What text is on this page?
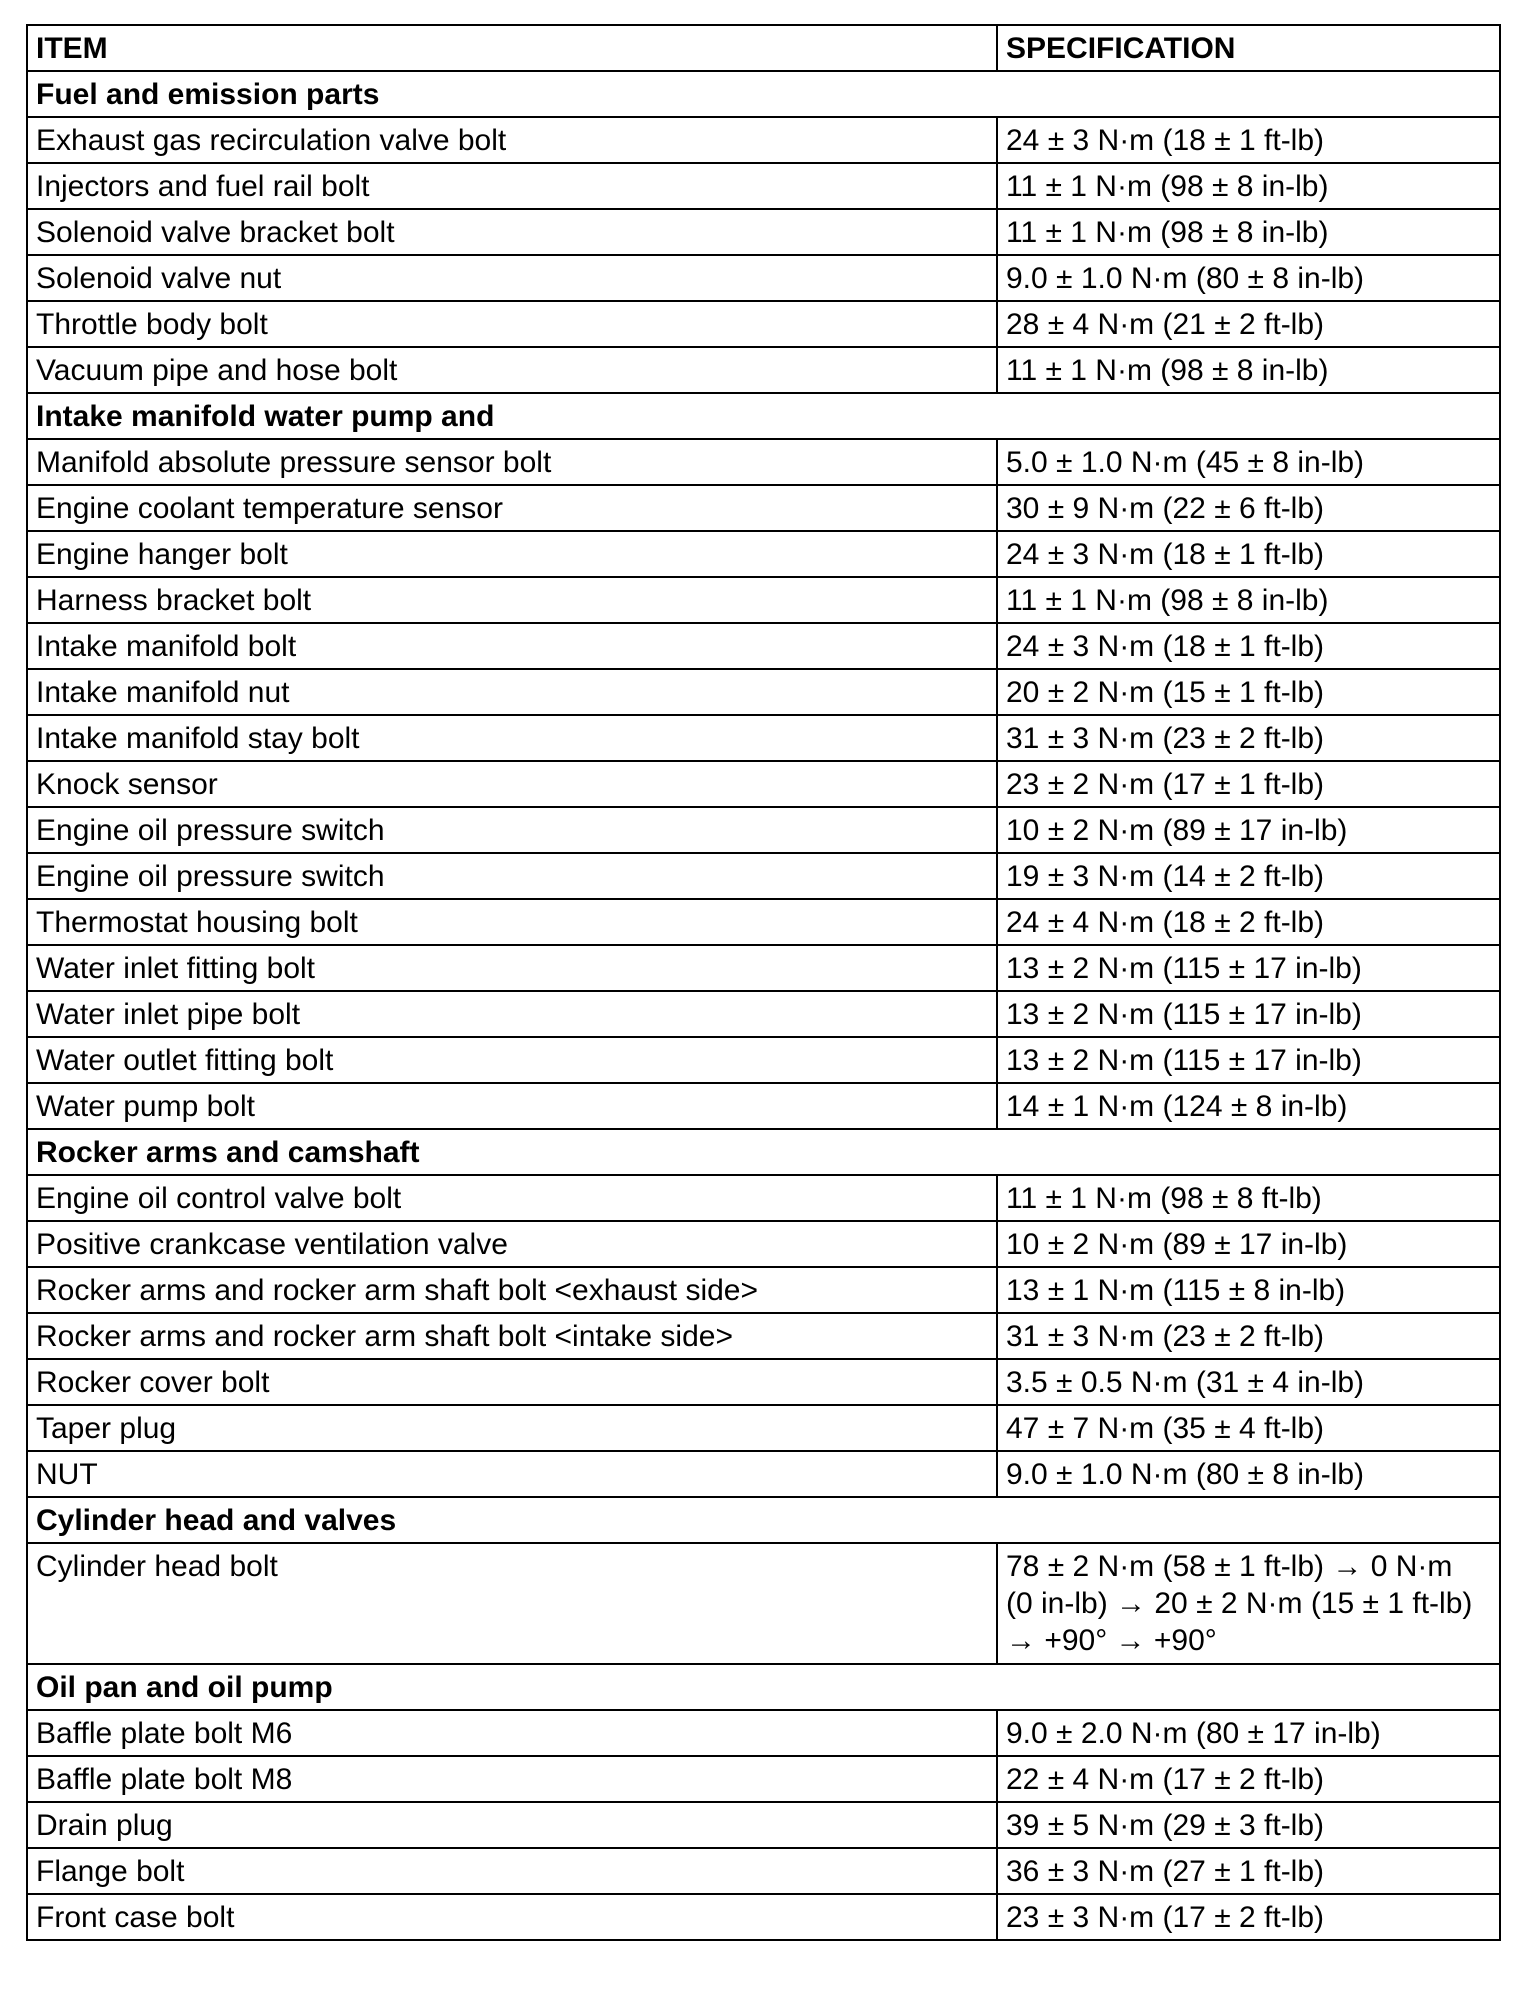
ITEM	SPECIFICATION
Fuel and emission parts	
Exhaust gas recirculation valve bolt	24 ± 3 N·m (18 ± 1 ft-lb)
Injectors and fuel rail bolt	11 ± 1 N·m (98 ± 8 in-lb)
Solenoid valve bracket bolt	11 ± 1 N·m (98 ± 8 in-lb)
Solenoid valve nut	9.0 ± 1.0 N·m (80 ± 8 in-lb)
Throttle body bolt	28 ± 4 N·m (21 ± 2 ft-lb)
Vacuum pipe and hose bolt	11 ± 1 N·m (98 ± 8 in-lb)
Intake manifold water pump and	
Manifold absolute pressure sensor bolt	5.0 ± 1.0 N·m (45 ± 8 in-lb)
Engine coolant temperature sensor	30 ± 9 N·m (22 ± 6 ft-lb)
Engine hanger bolt	24 ± 3 N·m (18 ± 1 ft-lb)
Harness bracket bolt	11 ± 1 N·m (98 ± 8 in-lb)
Intake manifold bolt	24 ± 3 N·m (18 ± 1 ft-lb)
Intake manifold nut	20 ± 2 N·m (15 ± 1 ft-lb)
Intake manifold stay bolt	31 ± 3 N·m (23 ± 2 ft-lb)
Knock sensor	23 ± 2 N·m (17 ± 1 ft-lb)
Engine oil pressure switch	10 ± 2 N·m (89 ± 17 in-lb)
Engine oil pressure switch	19 ± 3 N·m (14 ± 2 ft-lb)
Thermostat housing bolt	24 ± 4 N·m (18 ± 2 ft-lb)
Water inlet fitting bolt	13 ± 2 N·m (115 ± 17 in-lb)
Water inlet pipe bolt	13 ± 2 N·m (115 ± 17 in-lb)
Water outlet fitting bolt	13 ± 2 N·m (115 ± 17 in-lb)
Water pump bolt	14 ± 1 N·m (124 ± 8 in-lb)
Rocker arms and camshaft	
Engine oil control valve bolt	11 ± 1 N·m (98 ± 8 ft-lb)
Positive crankcase ventilation valve	10 ± 2 N·m (89 ± 17 in-lb)
Rocker arms and rocker arm shaft bolt <exhaust side>	13 ± 1 N·m (115 ± 8 in-lb)
Rocker arms and rocker arm shaft bolt <intake side>	31 ± 3 N·m (23 ± 2 ft-lb)
Rocker cover bolt	3.5 ± 0.5 N·m (31 ± 4 in-lb)
Taper plug	47 ± 7 N·m (35 ± 4 ft-lb)
NUT	9.0 ± 1.0 N·m (80 ± 8 in-lb)
Cylinder head and valves	
Cylinder head bolt	78 ± 2 N·m (58 ± 1 ft-lb) → 0 N·m
(0 in-lb) → 20 ± 2 N·m (15 ± 1 ft-lb)
→ +90° → +90°
Oil pan and oil pump	
Baffle plate bolt M6	9.0 ± 2.0 N·m (80 ± 17 in-lb)
Baffle plate bolt M8	22 ± 4 N·m (17 ± 2 ft-lb)
Drain plug	39 ± 5 N·m (29 ± 3 ft-lb)
Flange bolt	36 ± 3 N·m (27 ± 1 ft-lb)
Front case bolt	23 ± 3 N·m (17 ± 2 ft-lb)
